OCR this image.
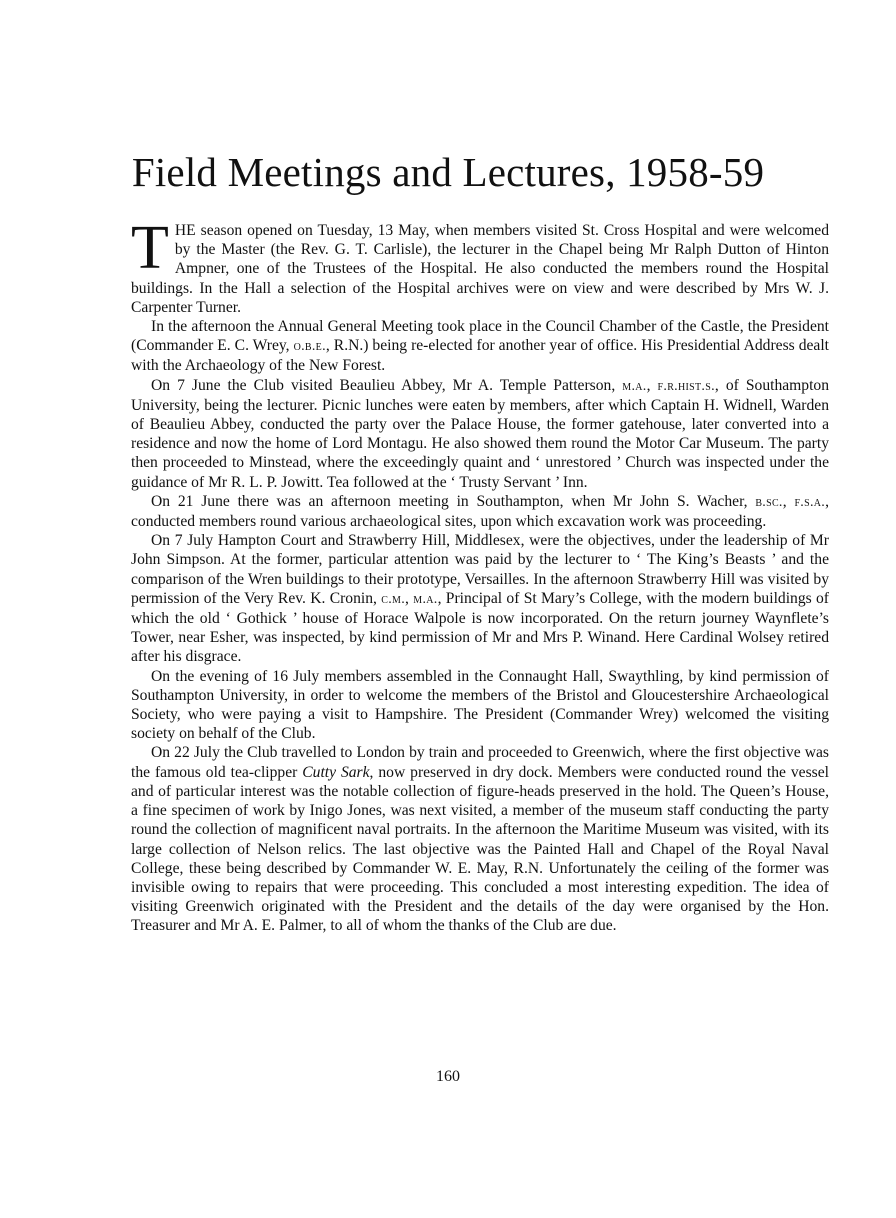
Field Meetings and Lectures, 1958-59

THE season opened on Tuesday, 13 May, when members visited St. Cross Hospital and were welcomed by the Master (the Rev. G. T. Carlisle), the lecturer in the Chapel being Mr Ralph Dutton of Hinton Ampner, one of the Trustees of the Hospital. He also conducted the members round the Hospital buildings. In the Hall a selection of the Hospital archives were on view and were described by Mrs W. J. Carpenter Turner.

In the afternoon the Annual General Meeting took place in the Council Chamber of the Castle, the President (Commander E. C. Wrey, o.b.e., R.N.) being re-elected for another year of office. His Presidential Address dealt with the Archaeology of the New Forest.

On 7 June the Club visited Beaulieu Abbey, Mr A. Temple Patterson, m.a., f.r.hist.s., of Southampton University, being the lecturer. Picnic lunches were eaten by members, after which Captain H. Widnell, Warden of Beaulieu Abbey, conducted the party over the Palace House, the former gatehouse, later converted into a residence and now the home of Lord Montagu. He also showed them round the Motor Car Museum. The party then proceeded to Minstead, where the exceedingly quaint and ‘ unrestored ’ Church was inspected under the guidance of Mr R. L. P. Jowitt. Tea followed at the ‘ Trusty Servant ’ Inn.

On 21 June there was an afternoon meeting in Southampton, when Mr John S. Wacher, b.sc., f.s.a., conducted members round various archaeological sites, upon which excavation work was proceeding.

On 7 July Hampton Court and Strawberry Hill, Middlesex, were the objectives, under the leadership of Mr John Simpson. At the former, particular attention was paid by the lecturer to ‘ The King’s Beasts ’ and the comparison of the Wren buildings to their prototype, Versailles. In the afternoon Strawberry Hill was visited by permission of the Very Rev. K. Cronin, c.m., m.a., Principal of St Mary’s College, with the modern buildings of which the old ‘ Gothick ’ house of Horace Walpole is now incorporated. On the return journey Waynflete’s Tower, near Esher, was inspected, by kind permission of Mr and Mrs P. Winand. Here Cardinal Wolsey retired after his disgrace.

On the evening of 16 July members assembled in the Connaught Hall, Swaythling, by kind permission of Southampton University, in order to welcome the members of the Bristol and Gloucestershire Archaeological Society, who were paying a visit to Hampshire. The President (Commander Wrey) welcomed the visiting society on behalf of the Club.

On 22 July the Club travelled to London by train and proceeded to Greenwich, where the first objective was the famous old tea-clipper Cutty Sark, now preserved in dry dock. Members were conducted round the vessel and of particular interest was the notable collection of figure-heads preserved in the hold. The Queen’s House, a fine specimen of work by Inigo Jones, was next visited, a member of the museum staff conducting the party round the collection of magnificent naval portraits. In the afternoon the Maritime Museum was visited, with its large collection of Nelson relics. The last objective was the Painted Hall and Chapel of the Royal Naval College, these being described by Commander W. E. May, R.N. Unfortunately the ceiling of the former was invisible owing to repairs that were proceeding. This concluded a most interesting expedition. The idea of visiting Greenwich originated with the President and the details of the day were organised by the Hon. Treasurer and Mr A. E. Palmer, to all of whom the thanks of the Club are due.

160
